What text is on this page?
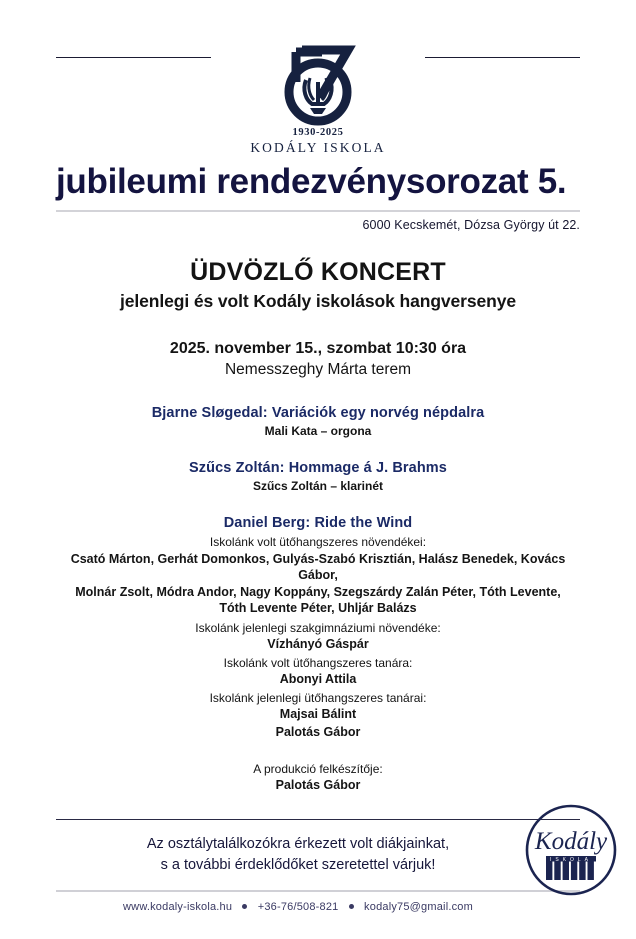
1930-2025
KODÁLY ISKOLA
jubileumi rendezvénysorozat 5.
6000 Kecskemét, Dózsa György út 22.
ÜDVÖZLŐ KONCERT
jelenlegi és volt Kodály iskolások hangversenye
2025. november 15., szombat 10:30 óra
Nemesszeghy Márta terem
Bjarne Sløgedal: Variációk egy norvég népdalra
Mali Kata – orgona
Szűcs Zoltán: Hommage á J. Brahms
Szűcs Zoltán – klarinét
Daniel Berg: Ride the Wind
Iskolánk volt ütőhangszeres növendékei:
Csató Márton, Gerhát Domonkos, Gulyás-Szabó Krisztián, Halász Benedek, Kovács Gábor,
Molnár Zsolt, Módra Andor, Nagy Koppány, Szegszárdy Zalán Péter, Tóth Levente,
Tóth Levente Péter, Uhljár Balázs
Iskolánk jelenlegi szakgimnáziumi növendéke:
Vízhányó Gáspár
Iskolánk volt ütőhangszeres tanára:
Abonyi Attila
Iskolánk jelenlegi ütőhangszeres tanárai:
Majsai Bálint
Palotás Gábor
A produkció felkészítője:
Palotás Gábor
Az osztálytalálkozókra érkezett volt diákjainkat,
s a további érdeklődőket szeretettel várjuk!
www.kodaly-iskola.hu +36-76/508-821 kodaly75@gmail.com
Kodály
ISKOLA
